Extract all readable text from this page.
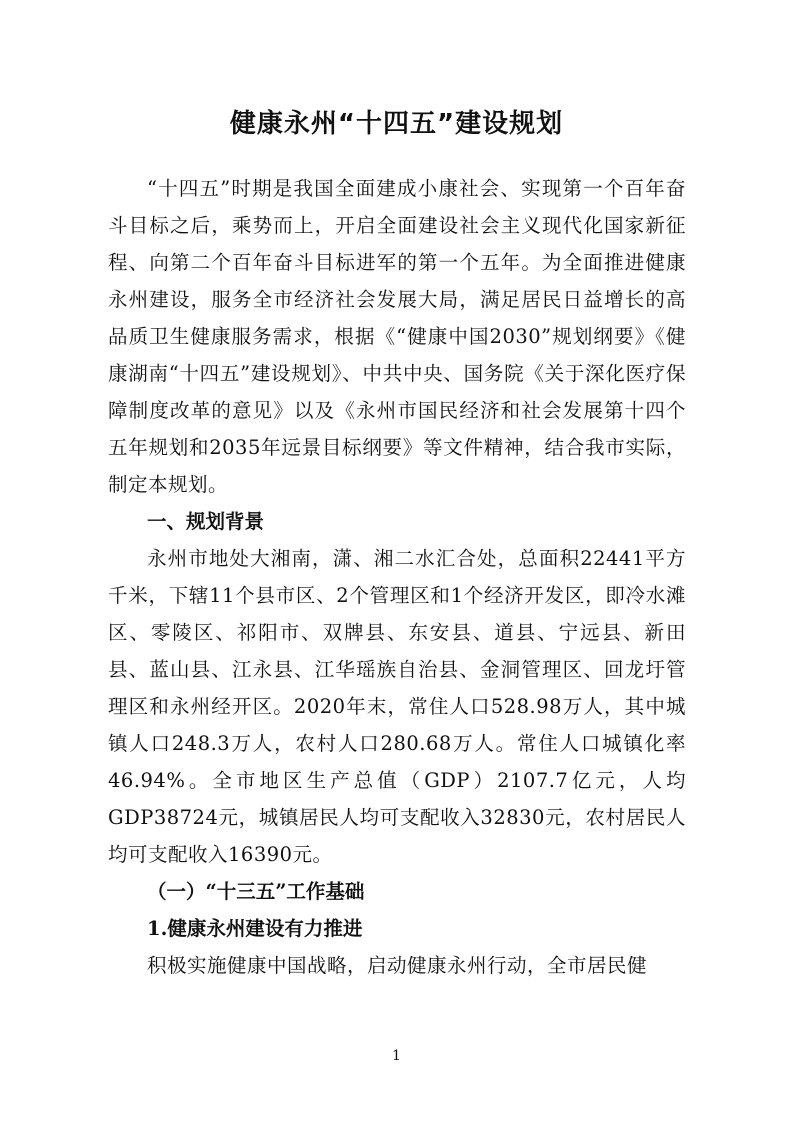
健康永州“十四五”建设规划

“十四五”时期是我国全面建成小康社会、实现第一个百年奋斗目标之后，乘势而上，开启全面建设社会主义现代化国家新征程、向第二个百年奋斗目标进军的第一个五年。为全面推进健康永州建设，服务全市经济社会发展大局，满足居民日益增长的高品质卫生健康服务需求，根据《“健康中国2030”规划纲要》《健康湖南“十四五”建设规划》、中共中央、国务院《关于深化医疗保障制度改革的意见》以及《永州市国民经济和社会发展第十四个五年规划和2035年远景目标纲要》等文件精神，结合我市实际，制定本规划。

一、规划背景

永州市地处大湘南，潇、湘二水汇合处，总面积22441平方千米，下辖11个县市区、2个管理区和1个经济开发区，即冷水滩区、零陵区、祁阳市、双牌县、东安县、道县、宁远县、新田县、蓝山县、江永县、江华瑶族自治县、金洞管理区、回龙圩管理区和永州经开区。2020年末，常住人口528.98万人，其中城镇人口248.3万人，农村人口280.68万人。常住人口城镇化率46.94%。全市地区生产总值（GDP）2107.7亿元，人均GDP38724元，城镇居民人均可支配收入32830元，农村居民人均可支配收入16390元。

（一）“十三五”工作基础

1.健康永州建设有力推进

积极实施健康中国战略，启动健康永州行动，全市居民健

1
